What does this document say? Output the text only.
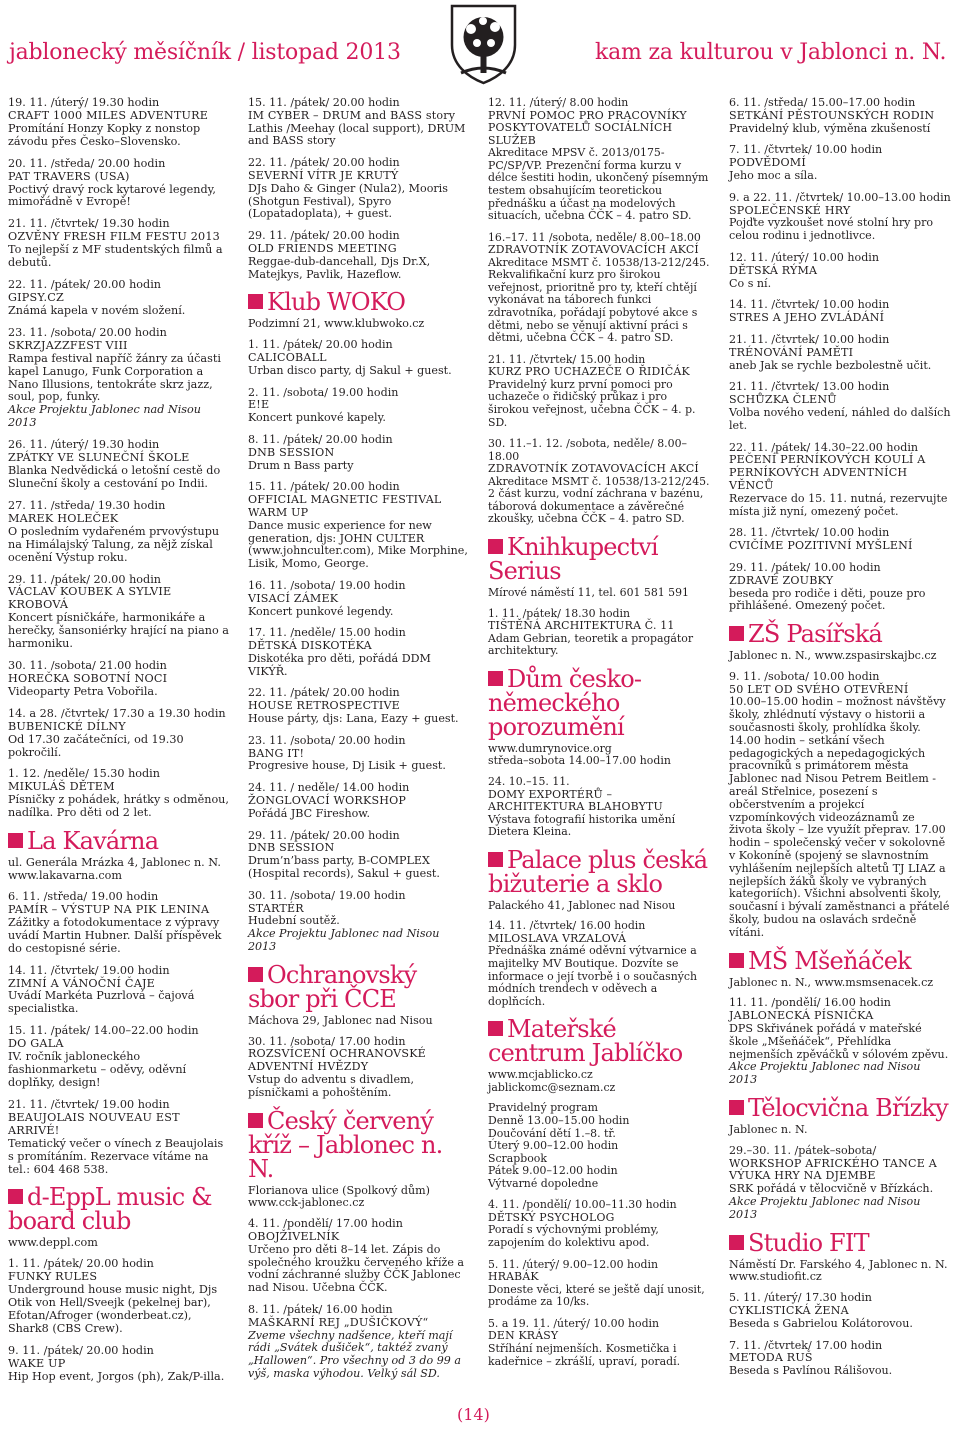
jablonecký měsíčník / listopad 2013	kam za kulturou v Jablonci n. N.

19. 11. /úterý/ 19.30 hodin

CRAFT 1000 MILES ADVENTURE

Promítání Honzy Kopky z nonstop závodu přes Česko–Slovensko.

20. 11. /středa/ 20.00 hodin

PAT TRAVERS (USA)

Poctivý dravý rock kytarové legendy, mimořádně v Evropě!

21. 11. /čtvrtek/ 19.30 hodin

OZVĚNY FRESH FILM FESTU 2013

To nejlepší z MF studentských filmů a debutů.

22. 11. /pátek/ 20.00 hodin

GIPSY.CZ

Známá kapela v novém složení.

23. 11. /sobota/ 20.00 hodin

SKRZJAZZFEST VIII

Rampa festival napříč žánry za účasti kapel Lanugo, Funk Corporation a Nano Illusions, tentokráte skrz jazz, soul, pop, funky.

Akce Projektu Jablonec nad Nisou 2013

26. 11. /úterý/ 19.30 hodin

ZPÁTKY VE SLUNEČNÍ ŠKOLE

Blanka Nedvědická o letošní cestě do Sluneční školy a cestování po Indii.

27. 11. /středa/ 19.30 hodin

MAREK HOLEČEK

O posledním vydařeném prvovýstupu na Himálajský Talung, za nějž získal ocenění Výstup roku.

29. 11. /pátek/ 20.00 hodin

VÁCLAV KOUBEK A SYLVIE KROBOVÁ

Koncert písničkáře, harmonikáře a herečky, šansoniérky hrající na piano a harmoniku.

30. 11. /sobota/ 21.00 hodin

HOREČKA SOBOTNÍ NOCI

Videoparty Petra Vobořila.

14. a 28. /čtvrtek/ 17.30 a 19.30 hodin

BUBENICKÉ DÍLNY

Od 17.30 začátečníci, od 19.30 pokročilí.

1. 12. /neděle/ 15.30 hodin

MIKULÁŠ DĚTEM

Písničky z pohádek, hrátky s odměnou, nadílka. Pro děti od 2 let.

La Kavárna

ul. Generála Mrázka 4, Jablonec n. N.

www.lakavarna.com

6. 11. /středa/ 19.00 hodin

PAMÍR – VÝSTUP NA PIK LENINA

Zážitky a fotodokumentace z výpravy uvádí Martin Hubner. Další příspěvek do cestopisné série.

14. 11. /čtvrtek/ 19.00 hodin

ZIMNÍ A VÁNOČNÍ ČAJE

Uvádí Markéta Puzrlová – čajová specialistka.

15. 11. /pátek/ 14.00–22.00 hodin

DO GALA

IV. ročník jabloneckého fashionmarketu – oděvy, oděvní doplňky, design!

21. 11. /čtvrtek/ 19.00 hodin

BEAUJOLAIS NOUVEAU EST ARRIVÉ!

Tematický večer o vínech z Beaujolais s promítáním. Rezervace vítáme na tel.: 604 468 538.

d-EppL music & board club

www.deppl.com

1. 11. /pátek/ 20.00 hodin

FUNKY RULES

Underground house music night, Djs Otik von Hell/Sveejk (pekelnej bar), Efotan/Afroger (wonderbeat.cz), Shark8 (CBS Crew).

9. 11. /pátek/ 20.00 hodin

WAKE UP

Hip Hop event, Jorgos (ph), Zak/P-illa.

15. 11. /pátek/ 20.00 hodin

IM CYBER – DRUM and BASS story

Lathis /Meehay (local support), DRUM and BASS story

22. 11. /pátek/ 20.00 hodin

SEVERNÍ VÍTR JE KRUTÝ

DJs Daho & Ginger (Nula2), Mooris (Shotgun Festival), Spyro (Lopatadoplata), + guest.

29. 11. /pátek/ 20.00 hodin

OLD FRIENDS MEETING

Reggae-dub-dancehall, Djs Dr.X, Matejkys, Pavlik, Hazeflow.

Klub WOKO

Podzimní 21, www.klubwoko.cz

1. 11. /pátek/ 20.00 hodin

CALICOBALL

Urban disco party, dj Sakul + guest.

2. 11. /sobota/ 19.00 hodin

E!E

Koncert punkové kapely.

8. 11. /pátek/ 20.00 hodin

DNB SESSION

Drum n Bass party

15. 11. /pátek/ 20.00 hodin

OFFICIAL MAGNETIC FESTIVAL WARM UP

Dance music experience for new generation, djs: JOHN CULTER (www.johnculter.com), Mike Morphine, Lisik, Momo, George.

16. 11. /sobota/ 19.00 hodin

VISACÍ ZÁMEK

Koncert punkové legendy.

17. 11. /neděle/ 15.00 hodin

DĚTSKÁ DISKOTÉKA

Diskotéka pro děti, pořádá DDM VIKÝŘ.

22. 11. /pátek/ 20.00 hodin

HOUSE RETROSPECTIVE

House párty, djs: Lana, Eazy + guest.

23. 11. /sobota/ 20.00 hodin

BANG IT!

Progresive house, Dj Lisik + guest.

24. 11. / neděle/ 14.00 hodin

ŽONGLOVACÍ WORKSHOP

Pořádá JBC Fireshow.

29. 11. /pátek/ 20.00 hodin

DNB SESSION

Drum’n’bass party, B-COMPLEX (Hospital records), Sakul + guest.

30. 11. /sobota/ 19.00 hodin

STARTÉR

Hudební soutěž.

Akce Projektu Jablonec nad Nisou 2013

Ochranovský sbor při ČCE

Máchova 29, Jablonec nad Nisou

30. 11. /sobota/ 17.00 hodin

ROZSVÍCENÍ OCHRANOVSKÉ ADVENTNÍ HVĚZDY

Vstup do adventu s divadlem, písničkami a pohoštěním.

Český červený kříž – Jablonec n. N.

Florianova ulice (Spolkový dům)

www.cck-jablonec.cz

4. 11. /pondělí/ 17.00 hodin

OBOJŽIVELNÍK

Určeno pro děti 8–14 let. Zápis do společného kroužku červeného kříže a vodní záchranné služby ČČK Jablonec nad Nisou. Učebna ČČK.

8. 11. /pátek/ 16.00 hodin

MAŠKARNÍ REJ „DUŠIČKOVÝ“

Zveme všechny nadšence, kteří mají rádi „Svátek dušiček“, taktéž zvaný „Hallowen“. Pro všechny od 3 do 99 a výš, maska výhodou. Velký sál SD.

12. 11. /úterý/ 8.00 hodin

PRVNÍ POMOC PRO PRACOVNÍKY POSKYTOVATELŮ SOCIÁLNÍCH SLUŽEB

Akreditace MPSV č. 2013/0175-PC/SP/VP. Prezenční forma kurzu v délce šestiti hodin, ukončený písemným testem obsahujícím teoretickou přednášku a účast na modelových situacích, učebna ČČK – 4. patro SD.

16.–17. 11 /sobota, neděle/ 8.00–18.00

ZDRAVOTNÍK ZOTAVOVACÍCH AKCÍ

Akreditace MSMT č. 10538/13-212/245. Rekvalifikační kurz pro širokou veřejnost, prioritně pro ty, kteří chtějí vykonávat na táborech funkci zdravotníka, pořádají pobytové akce s dětmi, nebo se věnují aktivní práci s dětmi, učebna ČČK – 4. patro SD.

21. 11. /čtvrtek/ 15.00 hodin

KURZ PRO UCHAZEČE O ŘIDIČÁK

Pravidelný kurz první pomoci pro uchazeče o řidičský průkaz i pro širokou veřejnost, učebna ČČK – 4. p. SD.

30. 11.–1. 12. /sobota, neděle/ 8.00–18.00

ZDRAVOTNÍK ZOTAVOVACÍCH AKCÍ

Akreditace MSMT č. 10538/13-212/245. 2 část kurzu, vodní záchrana v bazénu, táborová dokumentace a závěrečné zkoušky, učebna ČČK – 4. patro SD.

Knihkupectví Serius

Mírové náměstí 11, tel. 601 581 591

1. 11. /pátek/ 18.30 hodin

TIŠTĚNÁ ARCHITEKTURA Č. 11

Adam Gebrian, teoretik a propagátor architektury.

Dům česko-německého porozumění

www.dumrynovice.org

středa–sobota 14.00–17.00 hodin

24. 10.–15. 11.

DOMY EXPORTÉRŮ – ARCHITEKTURA BLAHOBYTU

Výstava fotografií historika umění Dietera Kleina.

Palace plus česká bižuterie a sklo

Palackého 41, Jablonec nad Nisou

14. 11. /čtvrtek/ 16.00 hodin

MILOSLAVA VRZALOVÁ

Přednáška známé oděvní výtvarnice a majitelky MV Boutique. Dozvíte se informace o její tvorbě i o současných módních trendech v oděvech a doplňcích.

Mateřské centrum Jablíčko

www.mcjablicko.cz

jablickomc@seznam.cz

Pravidelný program

Denně 13.00–15.00 hodin

Doučování dětí 1.–8. tř.

Úterý 9.00–12.00 hodin

Scrapbook

Pátek 9.00–12.00 hodin

Výtvarné dopoledne

4. 11. /pondělí/ 10.00–11.30 hodin

DĚTSKÝ PSYCHOLOG

Poradí s výchovnými problémy, zapojením do kolektivu apod.

5. 11. /úterý/ 9.00–12.00 hodin

HRABÁK

Doneste věci, které se ještě dají unosit, prodáme za 10/ks.

5. a 19. 11. /úterý/ 10.00 hodin

DEN KRÁSY

Stříhání nejmenších. Kosmetička i kadeřnice – zkrášlí, upraví, poradí.

6. 11. /středa/ 15.00–17.00 hodin

SETKÁNÍ PĚSTOUNSKÝCH RODIN

Pravidelný klub, výměna zkušeností

7. 11. /čtvrtek/ 10.00 hodin

PODVĚDOMÍ

Jeho moc a síla.

9. a 22. 11. /čtvrtek/ 10.00–13.00 hodin

SPOLEČENSKÉ HRY

Pojďte vyzkoušet nové stolní hry pro celou rodinu i jednotlivce.

12. 11. /úterý/ 10.00 hodin

DĚTSKÁ RÝMA

Co s ní.

14. 11. /čtvrtek/ 10.00 hodin

STRES A JEHO ZVLÁDÁNÍ

21. 11. /čtvrtek/ 10.00 hodin

TRÉNOVÁNÍ PAMĚTI

aneb Jak se rychle bezbolestně učit.

21. 11. /čtvrtek/ 13.00 hodin

SCHŮZKA ČLENŮ

Volba nového vedení, náhled do dalších let.

22. 11. /pátek/ 14.30–22.00 hodin

PEČENÍ PERNÍKOVÝCH KOULÍ A PERNÍKOVÝCH ADVENTNÍCH VĚNCŮ

Rezervace do 15. 11. nutná, rezervujte místa již nyní, omezený počet.

28. 11. /čtvrtek/ 10.00 hodin

CVIČÍME POZITIVNÍ MYŠLENÍ

29. 11. /pátek/ 10.00 hodin

ZDRAVÉ ZOUBKY

beseda pro rodiče i děti, pouze pro přihlášené. Omezený počet.

ZŠ Pasířská

Jablonec n. N., www.zspasirskajbc.cz

9. 11. /sobota/ 10.00 hodin

50 LET OD SVÉHO OTEVŘENÍ

10.00–15.00 hodin – možnost návštěvy školy, zhlédnutí výstavy o historii a současnosti školy, prohlídka školy. 14.00 hodin – setkání všech pedagogických a nepedagogických pracovníků s primátorem města Jablonec nad Nisou Petrem Beitlem - areál Střelnice, posezení s občerstvením a projekcí vzpomínkových videozáznamů ze života školy – lze využít přeprav. 17.00 hodin – společenský večer v sokolovně v Kokoníně (spojený se slavnostním vyhlášením nejlepších altetů TJ LIAZ a nejlepších žáků školy ve vybraných kategoriích). Všichni absolventi školy, současní i bývalí zaměstnanci a přátelé školy, budou na oslavách srdečně vítáni.

MŠ Mšeňáček

Jablonec n. N., www.msmsenacek.cz

11. 11. /pondělí/ 16.00 hodin

JABLONECKÁ PÍSNIČKA

DPS Skřivánek pořádá v mateřské škole „Mšeňáček“, Přehlídka nejmenších zpěváčků v sólovém zpěvu.

Akce Projektu Jablonec nad Nisou 2013

Tělocvična Břízky

Jablonec n. N.

29.–30. 11. /pátek–sobota/

WORKSHOP AFRICKÉHO TANCE A VÝUKA HRY NA DJEMBE

SRK pořádá v tělocvičně v Břízkách.

Akce Projektu Jablonec nad Nisou 2013

Studio FIT

Náměstí Dr. Farského 4, Jablonec n. N.

www.studiofit.cz

5. 11. /úterý/ 17.30 hodin

CYKLISTICKÁ ŽENA

Beseda s Gabrielou Kolátorovou.

7. 11. /čtvrtek/ 17.00 hodin

METODA RUŠ

Beseda s Pavlínou Rálišovou.

(14)
